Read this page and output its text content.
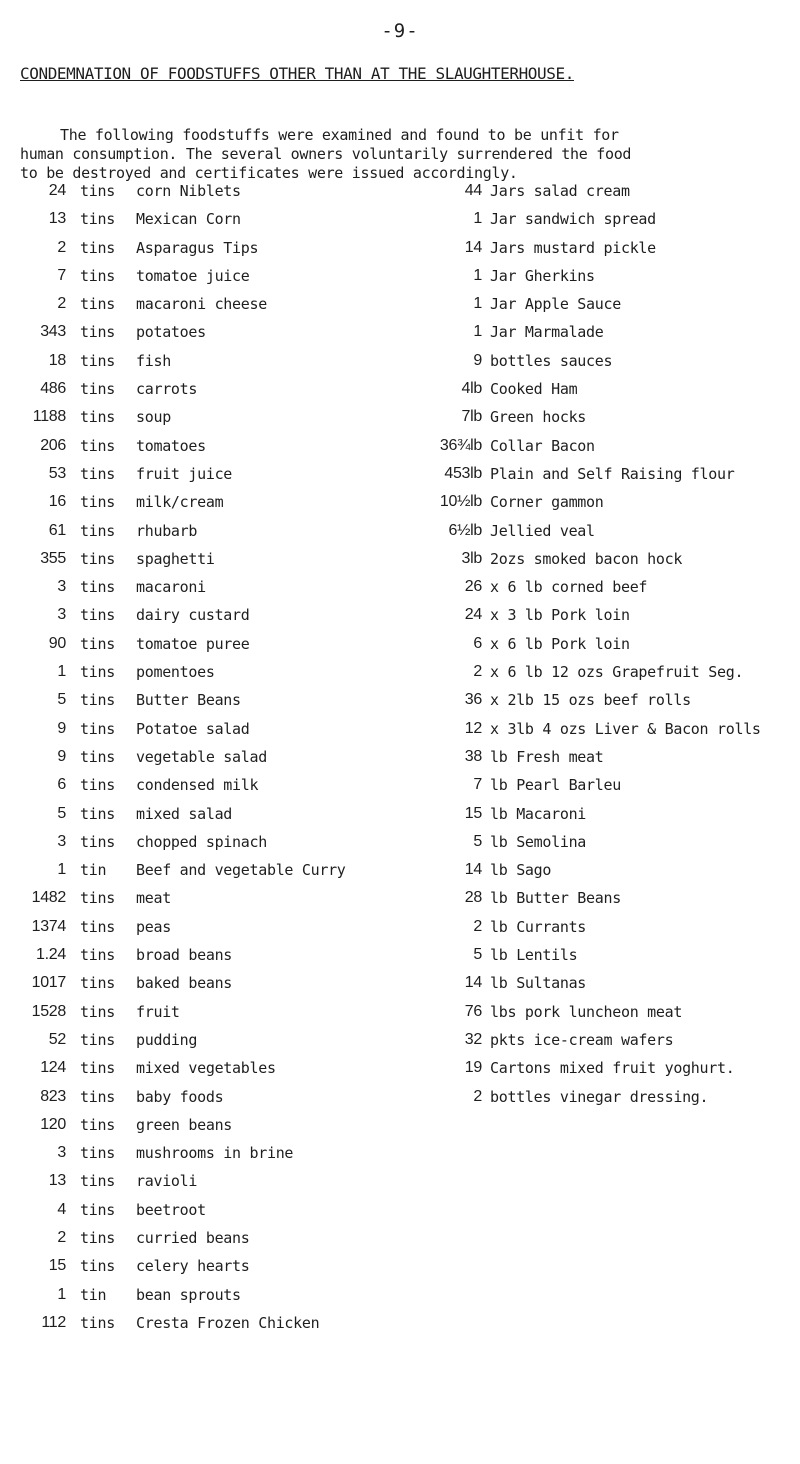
-9-
CONDEMNATION OF FOODSTUFFS OTHER THAN AT THE SLAUGHTERHOUSE.

The following foodstuffs were examined and found to be unfit for

human consumption. The several owners voluntarily surrendered the food

to be destroyed and certificates were issued accordingly.

24 tins	corn Niblets
13 tins	Mexican Corn
2 tins	Asparagus Tips
7 tins	tomatoe juice
2 tins	macaroni cheese
343 tins	potatoes
18 tins	fish
486 tins	carrots
1188 tins	soup
206 tins	tomatoes
53 tins	fruit juice
16 tins	milk/cream
61 tins	rhubarb
355 tins	spaghetti
3 tins	macaroni
3 tins	dairy custard
90 tins	tomatoe puree
1 tins	pomentoes
5 tins	Butter Beans
9 tins	Potatoe salad
9 tins	vegetable salad
6 tins	condensed milk
5 tins	mixed salad
3 tins	chopped spinach
1 tin	Beef and vegetable Curry
1482 tins	meat
1374 tins	peas
1.24 tins	broad beans
1017 tins	baked beans
1528 tins	fruit
52 tins	pudding
124 tins	mixed vegetables
823 tins	baby foods
120 tins	green beans
3 tins	mushrooms in brine
13 tins	ravioli
4 tins	beetroot
2 tins	curried beans
15 tins	celery hearts
1 tin	bean sprouts
112 tins	Cresta Frozen Chicken
44 Jars salad cream
1 Jar sandwich spread
14 Jars mustard pickle
1 Jar Gherkins
1 Jar Apple Sauce
1 Jar Marmalade
9 bottles sauces
4lb Cooked Ham
7lb Green hocks
36¾lb Collar Bacon
453lb Plain and Self Raising flour
10½lb Corner gammon
6½lb Jellied veal
3lb 2ozs smoked bacon hock
26 x 6 lb corned beef
24 x 3 lb Pork loin
6 x 6 lb Pork loin
2 x 6 lb 12 ozs Grapefruit Seg.
36 x 2lb 15 ozs beef rolls
12 x 3lb 4 ozs Liver & Bacon rolls
38 lb Fresh meat
7 lb Pearl Barleu
15 lb Macaroni
5 lb Semolina
14 lb Sago
28 lb Butter Beans
2 lb Currants
5 lb Lentils
14 lb Sultanas
76 lbs pork luncheon meat
32 pkts ice-cream wafers
19 Cartons mixed fruit yoghurt.
2 bottles vinegar dressing.
